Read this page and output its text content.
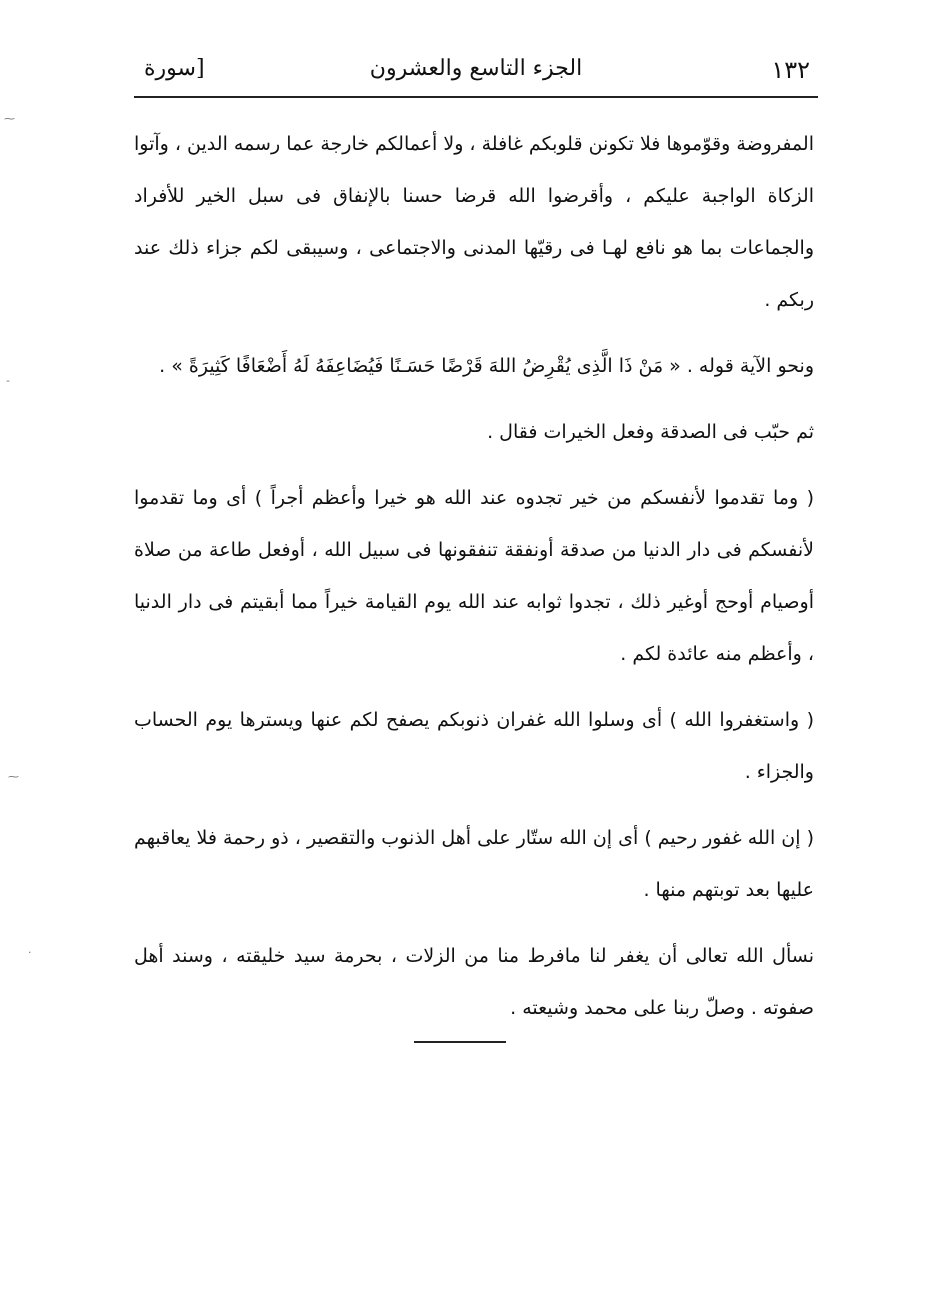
١٣٢
الجزء التاسع والعشرون
[سورة

المفروضة وقوّموها فلا تكونن قلوبكم غافلة ، ولا أعمالكم خارجة عما رسمه الدين ، وآتوا الزكاة الواجبة عليكم ، وأقرضوا الله قرضا حسنا بالإنفاق فى سبل الخير للأفراد والجماعات بما هو نافع لهـا فى رقيّها المدنى والاجتماعى ، وسيبقى لكم جزاء ذلك عند ربكم .

ونحو الآية قوله . « مَنْ ذَا الَّذِى يُقْرِضُ اللهَ قَرْضًا حَسَـنًا فَيُضَاعِفَهُ لَهُ أَضْعَافًا كَثِيرَةً » .

ثم حبّب فى الصدقة وفعل الخيرات فقال .

( وما تقدموا لأنفسكم من خير تجدوه عند الله هو خيرا وأعظم أجراً ) أى وما تقدموا لأنفسكم فى دار الدنيا من صدقة أونفقة تنفقونها فى سبيل الله ، أوفعل طاعة من صلاة أوصيام أوحج أوغير ذلك ، تجدوا ثوابه عند الله يوم القيامة خيراً مما أبقيتم فى دار الدنيا ، وأعظم منه عائدة لكم .

( واستغفروا الله ) أى وسلوا الله غفران ذنوبكم يصفح لكم عنها ويسترها يوم الحساب والجزاء .

( إن الله غفور رحيم ) أى إن الله ستّار على أهل الذنوب والتقصير ، ذو رحمة فلا يعاقبهم عليها بعد توبتهم منها .

نسأل الله تعالى أن يغفر لنا مافرط منا من الزلات ، بحرمة سيد خليقته ، وسند أهل صفوته . وصلّ ربنا على محمد وشيعته .

⁓
-
⁓
·
